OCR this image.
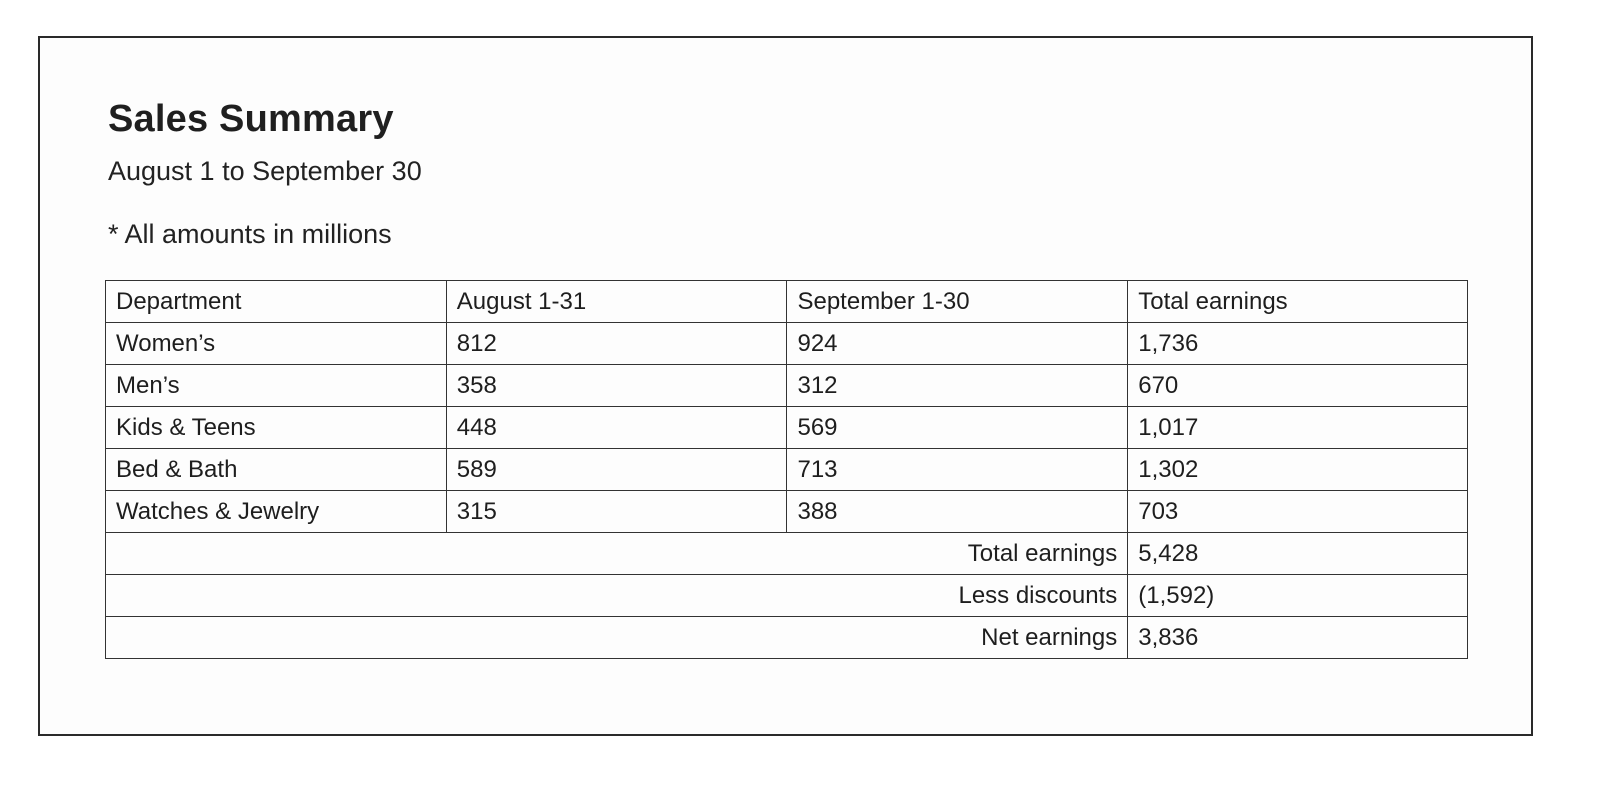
Sales Summary

August 1 to September 30

* All amounts in millions

Department	August 1-31	September 1-30	Total earnings
Women’s	812	924	1,736
Men’s	358	312	670
Kids & Teens	448	569	1,017
Bed & Bath	589	713	1,302
Watches & Jewelry	315	388	703
Total earnings			5,428
Less discounts			(1,592)
Net earnings			3,836
